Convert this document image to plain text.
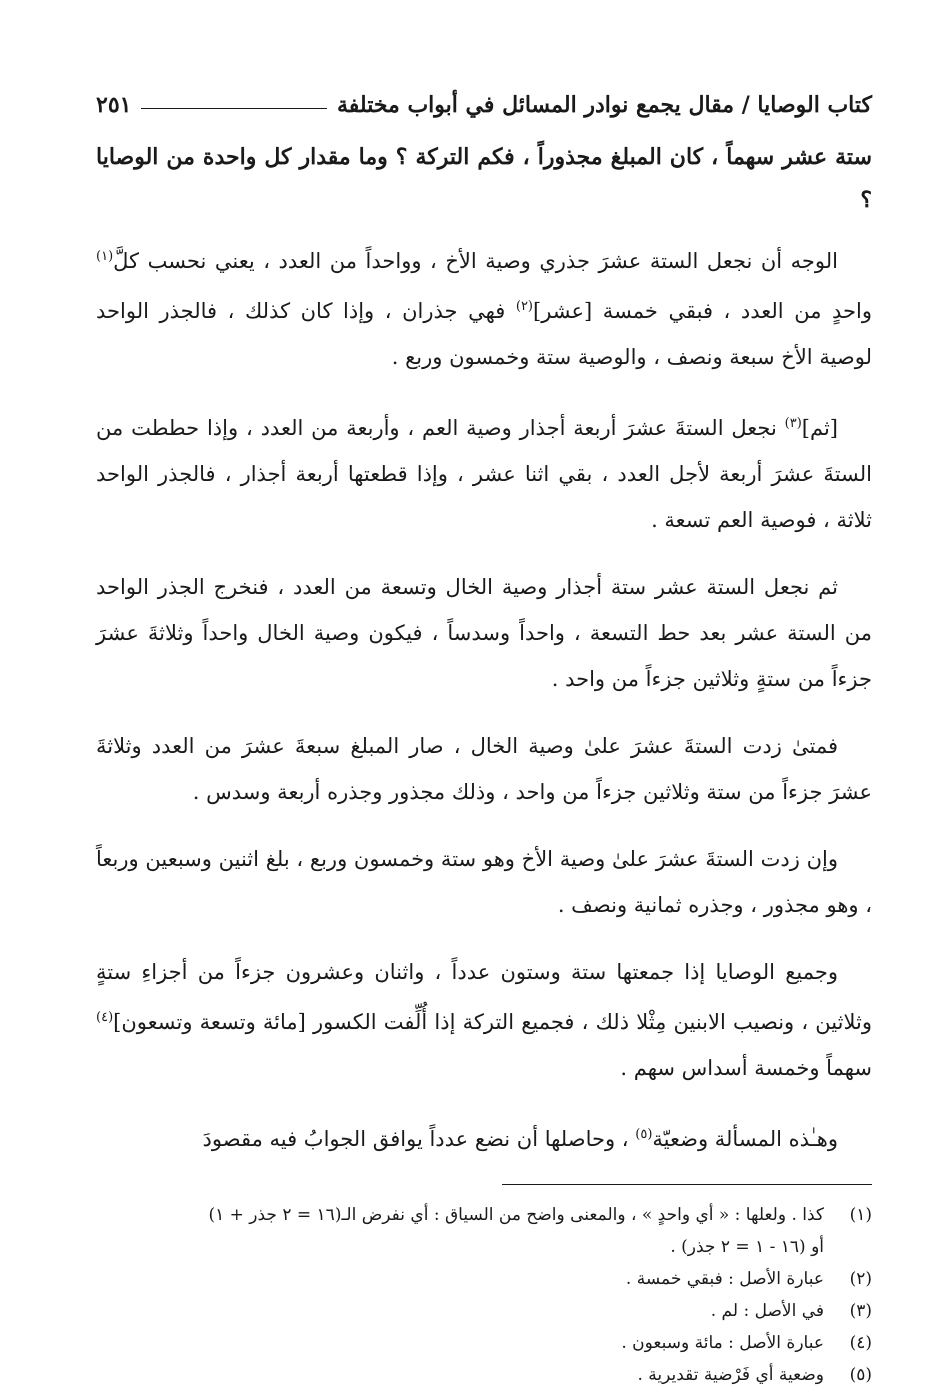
كتاب الوصايا / مقال يجمع نوادر المسائل في أبواب مختلفة
٢٥١
ستة عشر سهماً ، كان المبلغ مجذوراً ، فكم التركة ؟ وما مقدار كل واحدة من الوصايا ؟

الوجه أن نجعل الستة عشرَ جذري وصية الأخ ، وواحداً من العدد ، يعني نحسب كلَّ$^{(١)}$ واحدٍ من العدد ، فبقي خمسة [عشر]$^{(٢)}$ فهي جذران ، وإذا كان كذلك ، فالجذر الواحد لوصية الأخ سبعة ونصف ، والوصية ستة وخمسون وربع .

[ثم]$^{(٣)}$ نجعل الستةَ عشرَ أربعة أجذار وصية العم ، وأربعة من العدد ، وإذا حططت من الستةَ عشرَ أربعة لأجل العدد ، بقي اثنا عشر ، وإذا قطعتها أربعة أجذار ، فالجذر الواحد ثلاثة ، فوصية العم تسعة .

ثم نجعل الستة عشر ستة أجذار وصية الخال وتسعة من العدد ، فنخرج الجذر الواحد من الستة عشر بعد حط التسعة ، واحداً وسدساً ، فيكون وصية الخال واحداً وثلاثةَ عشرَ جزءاً من ستةٍ وثلاثين جزءاً من واحد .

فمتىٰ زدت الستةَ عشرَ علىٰ وصية الخال ، صار المبلغ سبعةَ عشرَ من العدد وثلاثةَ عشرَ جزءاً من ستة وثلاثين جزءاً من واحد ، وذلك مجذور وجذره أربعة وسدس .

وإن زدت الستةَ عشرَ علىٰ وصية الأخ وهو ستة وخمسون وربع ، بلغ اثنين وسبعين وربعاً ، وهو مجذور ، وجذره ثمانية ونصف .

وجميع الوصايا إذا جمعتها ستة وستون عدداً ، واثنان وعشرون جزءاً من أجزاءِ ستةٍ وثلاثين ، ونصيب الابنين مِثْلا ذلك ، فجميع التركة إذا أُلِّفت الكسور [مائة وتسعة وتسعون]$^{(٤)}$ سهماً وخمسة أسداس سهم .

وهـٰذه المسألة وضعيّة$^{(٥)}$ ، وحاصلها أن نضع عدداً يوافق الجوابُ فيه مقصودَ

(١)
كذا . ولعلها : « أي واحدٍ » ، والمعنى واضح من السياق : أي نفرض الـ(١٦ = ٢ جذر + ١)
أو (١٦ - ١ = ٢ جذر) .
(٢)
عبارة الأصل : فبقي خمسة .
(٣)
في الأصل : لم .
(٤)
عبارة الأصل : مائة وسبعون .
(٥)
وضعية أي فَرْضية تقديرية .
